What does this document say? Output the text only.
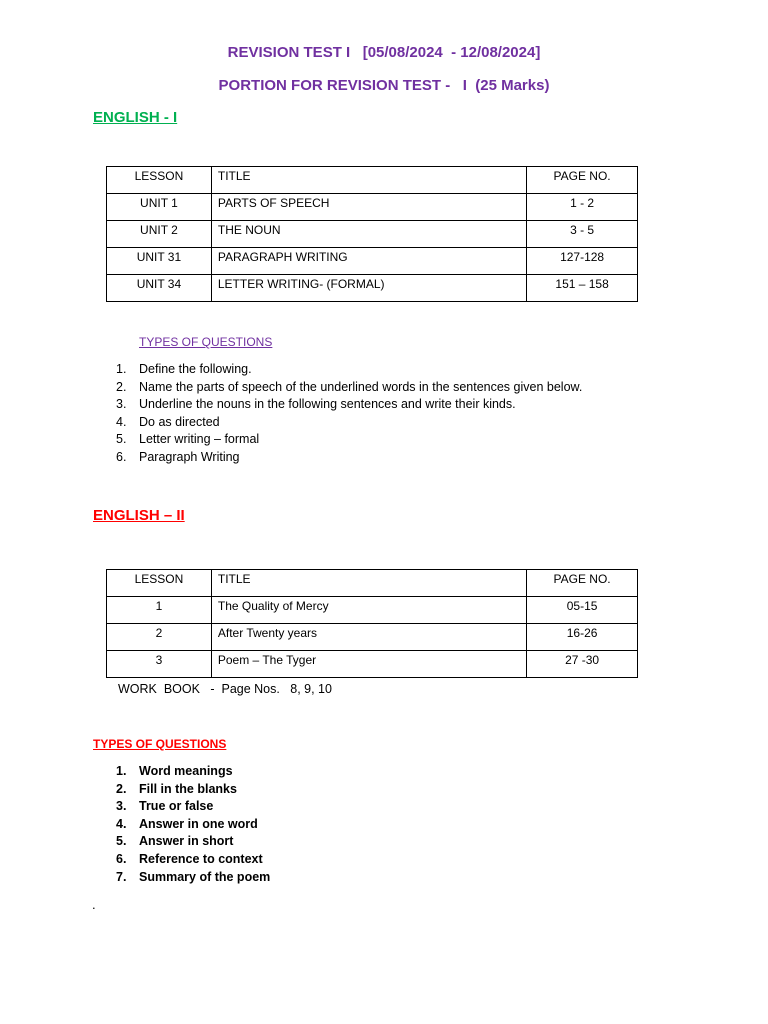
REVISION TEST I   [05/08/2024  - 12/08/2024]
PORTION FOR REVISION TEST -   I  (25 Marks)
ENGLISH - I
LESSON	TITLE	PAGE NO.
UNIT 1	PARTS OF SPEECH	1 - 2
UNIT 2	THE NOUN	3 - 5
UNIT 31	PARAGRAPH WRITING	127-128
UNIT 34	LETTER WRITING- (FORMAL)	151 – 158
TYPES OF QUESTIONS
1. Define the following.
2. Name the parts of speech of the underlined words in the sentences given below.
3. Underline the nouns in the following sentences and write their kinds.
4. Do as directed
5. Letter writing – formal
6. Paragraph Writing
ENGLISH – II
LESSON	TITLE	PAGE NO.
1	The Quality of Mercy	05-15
2	After Twenty years	16-26
3	Poem – The Tyger	27 -30
WORK  BOOK   -  Page Nos.   8, 9, 10
TYPES OF QUESTIONS
1. Word meanings
2. Fill in the blanks
3. True or false
4. Answer in one word
5. Answer in short
6. Reference to context
7. Summary of the poem
.
